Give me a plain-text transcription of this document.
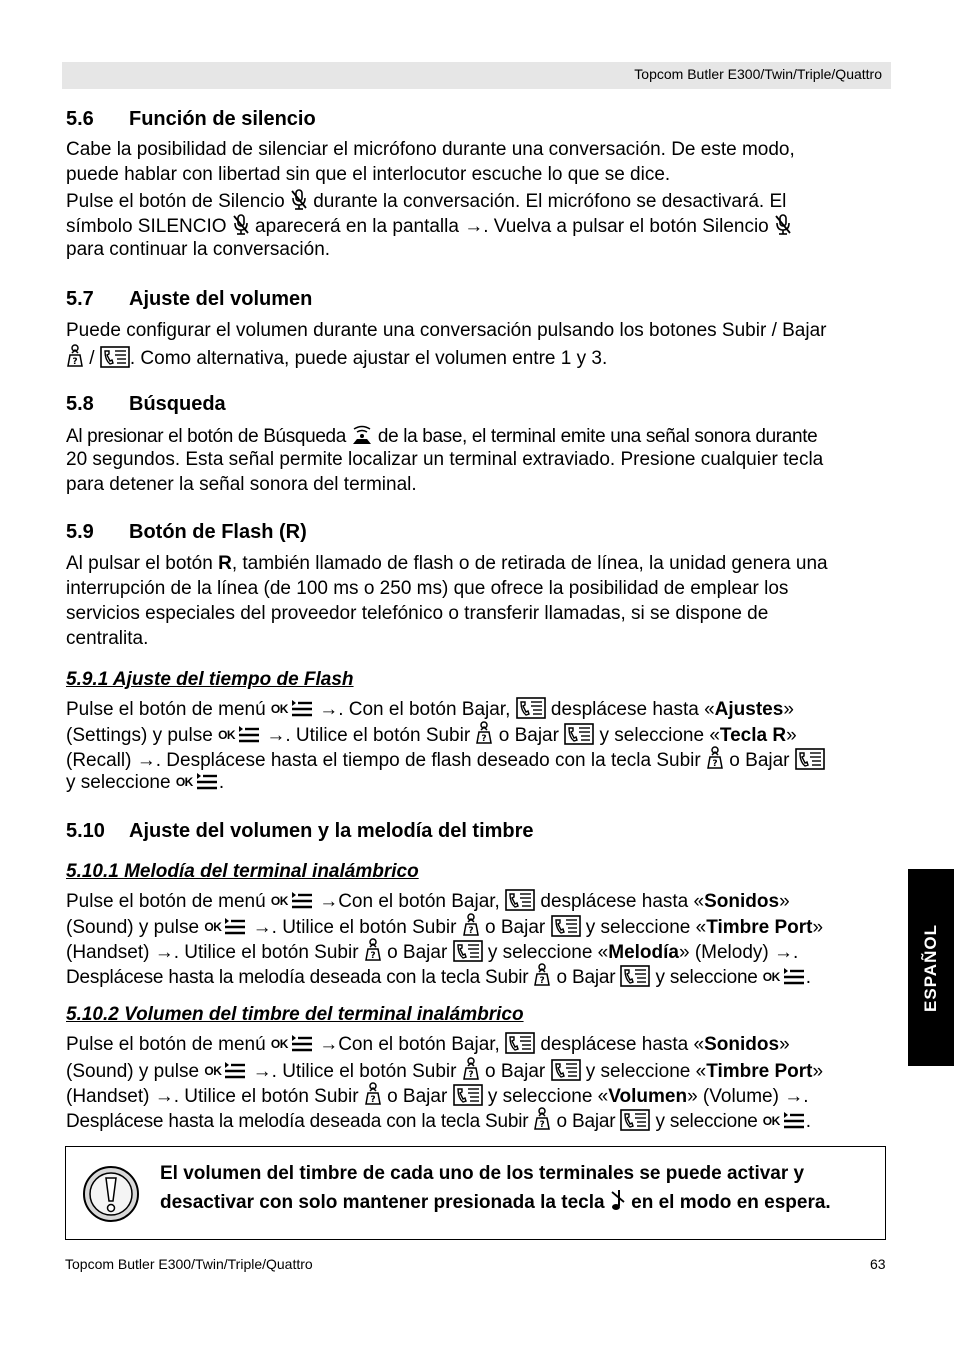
Topcom Butler E300/Twin/Triple/Quattro
ESPAÑOL
5.6 Función de silencio
Cabe la posibilidad de silenciar el micrófono durante una conversación. De este modo,
puede hablar con libertad sin que el interlocutor escuche lo que se dice.
Pulse el botón de Silencio  durante la conversación. El micrófono se desactivará. El
símbolo SILENCIO  aparecerá en la pantalla →. Vuelva a pulsar el botón Silencio
para continuar la conversación.
5.7 Ajuste del volumen
Puede configurar el volumen durante una conversación pulsando los botones Subir / Bajar
/ . Como alternativa, puede ajustar el volumen entre 1 y 3.
5.8 Búsqueda
Al presionar el botón de Búsqueda  de la base, el terminal emite una señal sonora durante
20 segundos. Esta señal permite localizar un terminal extraviado. Presione cualquier tecla
para detener la señal sonora del terminal.
5.9 Botón de Flash (R)
Al pulsar el botón R, también llamado de flash o de retirada de línea, la unidad genera una
interrupción de la línea (de 100 ms o 250 ms) que ofrece la posibilidad de emplear los
servicios especiales del proveedor telefónico o transferir llamadas, si se dispone de
centralita.
5.9.1 Ajuste del tiempo de Flash
Pulse el botón de menú OK →. Con el botón Bajar,  desplácese hasta «Ajustes»
(Settings) y pulse OK →. Utilice el botón Subir  o Bajar  y seleccione «Tecla R»
(Recall) →. Desplácese hasta el tiempo de flash deseado con la tecla Subir  o Bajar
y seleccione OK .
5.10 Ajuste del volumen y la melodía del timbre
5.10.1 Melodía del terminal inalámbrico
Pulse el botón de menú OK →Con el botón Bajar,  desplácese hasta «Sonidos»
(Sound) y pulse OK →. Utilice el botón Subir  o Bajar  y seleccione «Timbre Port»
(Handset) →. Utilice el botón Subir  o Bajar  y seleccione «Melodía» (Melody) →.
Desplácese hasta la melodía deseada con la tecla Subir  o Bajar  y seleccione OK .
5.10.2 Volumen del timbre del terminal inalámbrico
Pulse el botón de menú OK →Con el botón Bajar,  desplácese hasta «Sonidos»
(Sound) y pulse OK →. Utilice el botón Subir  o Bajar  y seleccione «Timbre Port»
(Handset) →. Utilice el botón Subir  o Bajar  y seleccione «Volumen» (Volume) →.
Desplácese hasta la melodía deseada con la tecla Subir  o Bajar  y seleccione OK .
El volumen del timbre de cada uno de los terminales se puede activar y
desactivar con solo mantener presionada la tecla  en el modo en espera.
Topcom Butler E300/Twin/Triple/Quattro	63
